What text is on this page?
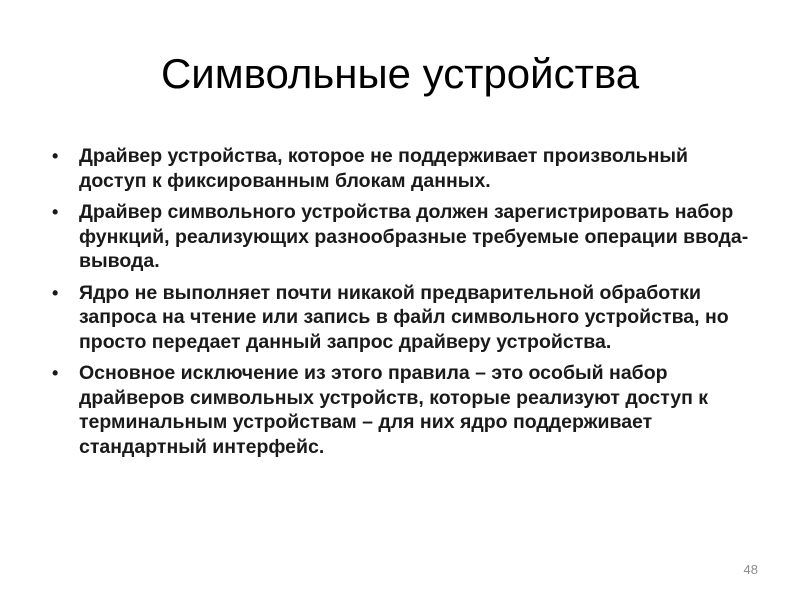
Символьные устройства
•	Драйвер устройства, которое не поддерживает произвольный доступ к фиксированным блокам данных.
•	Драйвер символьного устройства должен зарегистрировать набор функций, реализующих разнообразные требуемые операции ввода-вывода.
•	Ядро не выполняет почти никакой предварительной обработки запроса на чтение или запись в файл символьного устройства, но просто передает данный запрос драйверу устройства.
•	Основное исключение из этого правила – это особый набор драйверов символьных устройств, которые реализуют доступ к терминальным устройствам – для них ядро поддерживает стандартный интерфейс.
48
